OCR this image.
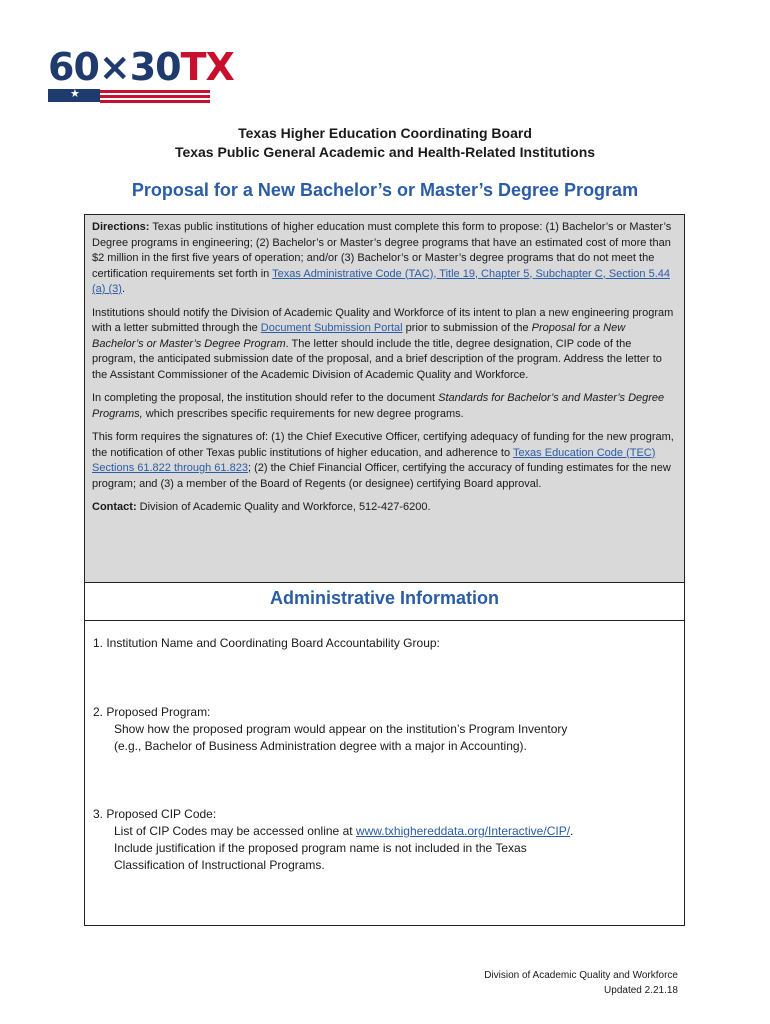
60×30TX
★
Texas Higher Education Coordinating Board
Texas Public General Academic and Health-Related Institutions
Proposal for a New Bachelor’s or Master’s Degree Program

Directions: Texas public institutions of higher education must complete this form to propose: (1) Bachelor’s or Master’s Degree programs in engineering; (2) Bachelor’s or Master’s degree programs that have an estimated cost of more than $2 million in the first five years of operation; and/or (3) Bachelor’s or Master’s degree programs that do not meet the certification requirements set forth in Texas Administrative Code (TAC), Title 19, Chapter 5, Subchapter C, Section 5.44 (a) (3).

Institutions should notify the Division of Academic Quality and Workforce of its intent to plan a new engineering program with a letter submitted through the Document Submission Portal prior to submission of the Proposal for a New Bachelor’s or Master’s Degree Program. The letter should include the title, degree designation, CIP code of the program, the anticipated submission date of the proposal, and a brief description of the program. Address the letter to the Assistant Commissioner of the Academic Division of Academic Quality and Workforce.

In completing the proposal, the institution should refer to the document Standards for Bachelor’s and Master’s Degree Programs, which prescribes specific requirements for new degree programs.

This form requires the signatures of: (1) the Chief Executive Officer, certifying adequacy of funding for the new program, the notification of other Texas public institutions of higher education, and adherence to Texas Education Code (TEC) Sections 61.822 through 61.823; (2) the Chief Financial Officer, certifying the accuracy of funding estimates for the new program; and (3) a member of the Board of Regents (or designee) certifying Board approval.

Contact: Division of Academic Quality and Workforce, 512-427-6200.

Administrative Information
1. Institution Name and Coordinating Board Accountability Group:
2. Proposed Program:
Show how the proposed program would appear on the institution’s Program Inventory
(e.g., Bachelor of Business Administration degree with a major in Accounting).
3. Proposed CIP Code:
List of CIP Codes may be accessed online at www.txhighereddata.org/Interactive/CIP/.
Include justification if the proposed program name is not included in the Texas
Classification of Instructional Programs.
Division of Academic Quality and Workforce
Updated 2.21.18
